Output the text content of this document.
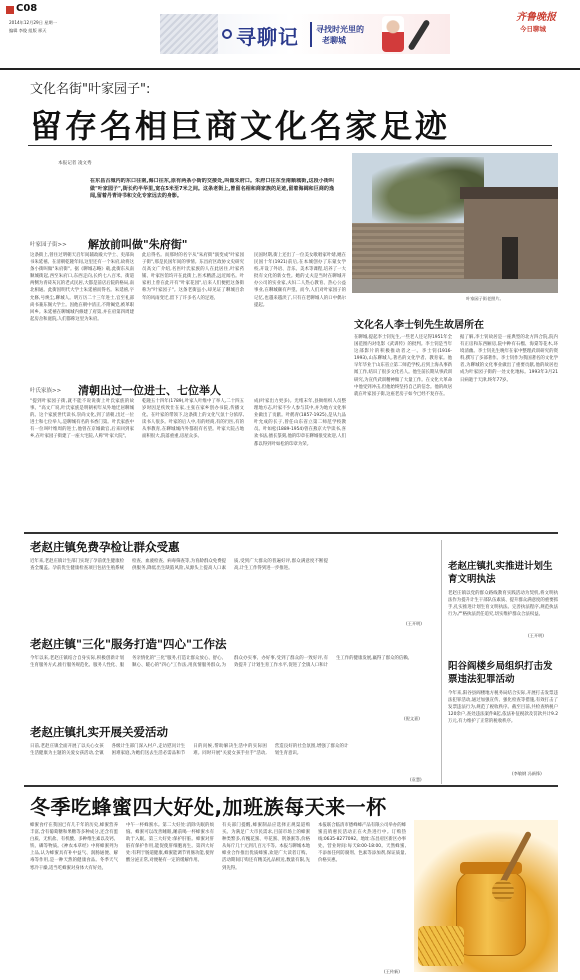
C08
2014年12月29日 星期一
编辑 李俊 组版 邢天	寻聊记 寻找时光里的
老聊城
齐鲁晚报
今日聊城
文化名街"叶家园子":
留存名相巨商文化名家足迹
本报记者 凌文秀
在东昌古城内的东口往南,海口往东,原有两条小街的交接处,叫做朱府口。朱府口往东至南顺城街,这段小街叫做"叶家园子",街长约半华里,宽在5米至7米之间。这条老街上,曾留名相和商家族的足迹,留着海阔和巨商的逸闻,留着丹青诗书和文化专家远去的身影。
叶家园子街老照片。
叶家园子街>> 解放前叫做"朱府街"
这条街上,曾住过明朝天启年间辅政殿大学士、吏部尚书朱延禧。在清朝乾隆年间,这里还有一个朱府,故将这条小街叫做"朱府街"。据《聊城志略》载,此街东从南顺城街起,西至朱府口,东西走向,长约七八百米。街道两侧为青砖灰瓦的老式民居,大都是前店后院的格局,南北相通。此街因明代大学士朱延禧而得名。朱延禧,字允修,号焕尘,聊城人。明万历二十三年进士,官至礼部尚书兼东阁大学士。因他在朝中清正,不附阉党,被革职回乡。朱延禧在聊城城内修建了府第,并在府第四周建起房舍和庭院,人们都称这里为朱府。
此后得名。而那时的名字从"朱府街"演变成"叶家园子街",那是民国年间的事情。东昌府区政协文史研究员高文广介绍,名医叶氏家族的人在此居住,叶家药铺、叶家医馆均开在此街上,医术精湛,远近闻名。叶家祖上曾在此开有"叶家花园",后来人们便把这条街称为"叶家园子"。这条老街虽小,却见证了聊城百余年的风雨变迁,留下了许多名人的足迹。
民国时期,街上还出了一位美女歌唱家叶婧,她在民国十年(1921)前后,在本城创办了东蒙女学校,开设了外语、音乐、美术等课程,培养了一大批有文化的新女性。她的丈夫是当时在聊城开办公司的实业家,夫妇二人热心教育、热心公益事业,在聊城颇有声望。而今,人们对叶家园子的记忆,也越来越淡了,只有在老聊城人的口中偶尔提起。
叶氏家族>> 清朝出过一位进士、七位举人
"提到叶家园子街,就不能不说说街上叶氏家族的故事。"高文广说,叶氏家族是明朝初年从外地迁居聊城的。这个家族世代读书,崇尚文化,到了清朝,出过一位进士和七位举人,是聊城有名的书香门第。叶氏家族中有一位叫叶维周的进士,他曾在京城做官,后来回到家乡,在叶家园子街建了一座大宅院,人称"叶家大院"。
乾隆五十四年(1789),叶家人叶维中了举人,二十四五岁时因足疾致仕在家,主张在家乡创办书院,传播文化。在叶家的带领下,这条街上的文化气氛十分浓厚,读书人很多。叶家的后人中,有的经商,有的行医,有的从事教育,在聊城城内外都很有名望。叶家大院占地面积很大,院落重重,房屋众多。
成(叶家出力更多)。光绪末年,县衙组织人员整理地方志,叶家不少人参与其中,并为地方文化事业做出了贡献。叶鹤青(1857-1925),是从九品叶允成的长子,曾任山东省立第二师范学校教员。叶如松(1889-1954)曾在燕京大学读书,喜欢书法,擅长篆刻,他的印章在聊城很受欢迎,人们都以得到叶如松的印章为荣。
文化名人李士钊先生故居所在
在聊城,提起李士钊先生,一些老人还记得1951年全国范围内对电影《武训传》的批判。李士钊是当年这部影片的积极推动者之一。李士钊(1916-1993),山东聊城人,著名的文化学者、教育家。他早年毕业于山东省立第二师范学校,后到上海从事新闻工作,结识了很多文化名人。他生前长期从事武训研究,为宣传武训精神做了大量工作。在文化大革命中他受到冲击,但他始终坚持自己的信念。他的故居就在叶家园子街,这座老房子如今已经不复存在。
据了解,李士钊故居是一座典型的北方四合院,院内有正房和东西厢房,院中种有石榴、海棠等花木,环境清幽。李士钊先生晚年在家中整理武训研究的资料,撰写了多部著作。李士钊作为我国著名的文化学者,为聊城的文化事业做出了重要贡献,他的故居也成为叶家园子街的一处文化地标。1993年3月21日病逝于天津,终年77岁。
老赵庄镇免费孕检让群众受惠
近年来,老赵庄镇计生部门实现了孕前优生健康检查全覆盖。孕前优生健康检查项目包括生殖系统检查、血液检查、病毒筛查等,为育龄群众免费提供服务,降低出生缺陷风险,从源头上提高人口素质,受到广大群众的普遍好评,群众满意度不断提高,计生工作得到进一步推进。
(王开明)
老赵庄镇"三化"服务打造"四心"工作法
今年以来,老赵庄镇结合自身实际,积极创新计划生育服务方式,推行服务规范化、服务人性化、服务亲情化的"三化"服务,打造让群众放心、舒心、顺心、暖心的"四心"工作法,用真情服务群众,为群众办实事、办好事,受到了群众的一致好评,有效提升了计划生育工作水平,促进了全镇人口和计生工作的健康发展,赢得了群众的信赖。
(倪文嘉)
老赵庄镇扎实开展关爱活动
日前,老赵庄镇全面开展了以关心女孩生活健康为主题的关爱女孩活动,全镇各级计生部门深入村户,走访慰问计生困难家庭,为她们送去生活必需品和节日的问候,帮助解决生活中的实际困难。同时开展"关爱女孩手拉手"活动,营造良好的社会氛围,增强了群众的计划生育意识。
(袁慧)
老赵庄镇扎实推进计划生育文明执法
老赵庄镇以党的群众路线教育实践活动为契机,将文明执法作为提升计生干部队伍素质、提升群众满意度的重要抓手,扎实推进计划生育文明执法。完善执法程序,规范执法行为,严格执法责任追究,切实维护群众合法权益。
(王开明)
阳谷阎楼乡局组织打击发票违法犯罪活动
今年来,阳谷县阎楼地方税务局结合实际,开展打击发票违法犯罪活动,通过加强宣传、强化检查等措施,有效打击了发票违法行为,规范了税收秩序。截至目前,共检查纳税户120余户,查处违法案件8起,依法补征税款及罚款共计9.2万元,有力维护了正常的税收秩序。
(李敏钢 冯新锋)
冬季吃蜂蜜四大好处,加班族每天来一杯
蜂蜜食疗在我国已有几千年的历史,蜂蜜营养丰富,含有葡萄糖和果糖等多种成分,还含有蛋白质、无机盐、有机酸、多种维生素以及钙、铁、磷等物质。《神农本草经》中将蜂蜜列为上品,认为蜂蜜具有补中益气、润肠通便、解毒等作用,是一种天然的健康食品。冬季天气寒冷干燥,适当吃蜂蜜对身体大有好处。
中午一杯蜂蜜水。第二大好处:消除失眠的烦恼。蜂蜜可以改善睡眠,睡前喝一杯蜂蜜水有助于入眠。第三大好处:保护肝脏。蜂蜜对肝脏有保护作用,能促使肝细胞再生。第四大好处:有利于肠道健康,蜂蜜能调节胃肠功能,使胃酸分泌正常,对便秘有一定的缓解作用。
有关部门提醒,蜂蜜制品应选择正规渠道购买。为满足广大市民需求,目前市场上的蜂蜜种类繁多,有槐花蜜、枣花蜜、荆条蜜等,价格从每斤几十元到几百元不等。本报与聊城本地蜂业合作推出优质蜂蜜,欢迎广大读者订购。活动期间订购还有精美礼品相送,数量有限,先到先得。
本报联合临清市德峰蜂产品有限公司举办的蜂蜜直销惠民活动正在火热进行中。订购热线:0635-8277092。地址:东昌府区新区办事处。营业时间:每天8:00-18:00。天然蜂蜜,不添加任何防腐剂、色素等添加剂,保证质量,价格实惠。
(王传新)
